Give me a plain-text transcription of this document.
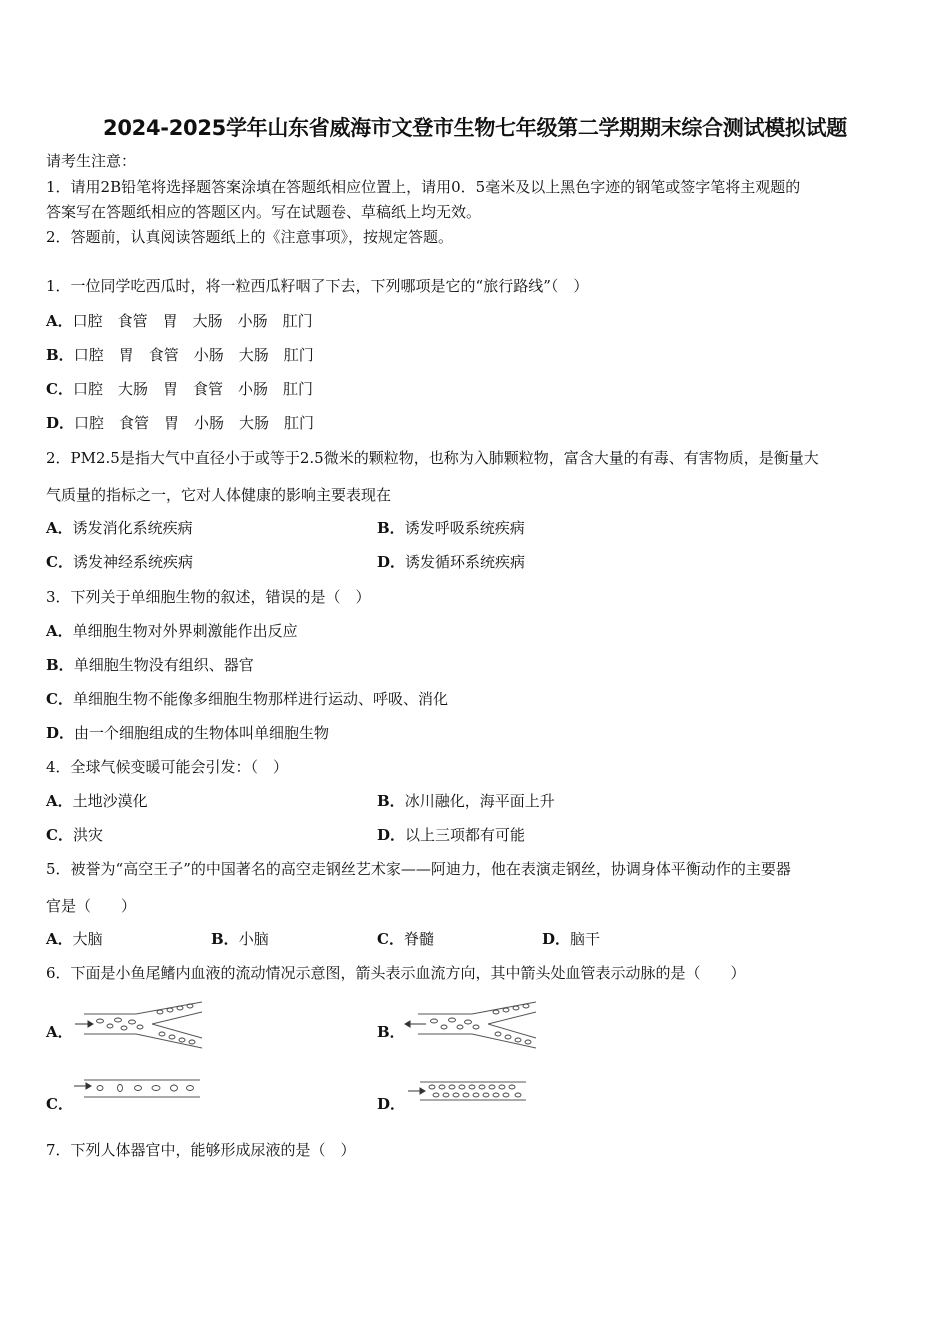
2024-2025学年山东省威海市文登市生物七年级第二学期期末综合测试模拟试题
请考生注意：
1．请用2B铅笔将选择题答案涂填在答题纸相应位置上，请用0．5毫米及以上黑色字迹的钢笔或签字笔将主观题的
答案写在答题纸相应的答题区内。写在试题卷、草稿纸上均无效。
2．答题前，认真阅读答题纸上的《注意事项》，按规定答题。
1．一位同学吃西瓜时，将一粒西瓜籽咽了下去，下列哪项是它的“旅行路线”（　）
A．口腔　食管　胃　大肠　小肠　肛门
B．口腔　胃　食管　小肠　大肠　肛门
C．口腔　大肠　胃　食管　小肠　肛门
D．口腔　食管　胃　小肠　大肠　肛门
2．PM2.5是指大气中直径小于或等于2.5微米的颗粒物，也称为入肺颗粒物，富含大量的有毒、有害物质，是衡量大
气质量的指标之一，它对人体健康的影响主要表现在
A．诱发消化系统疾病	B．诱发呼吸系统疾病
C．诱发神经系统疾病	D．诱发循环系统疾病
3．下列关于单细胞生物的叙述，错误的是（　）
A．单细胞生物对外界刺激能作出反应
B．单细胞生物没有组织、器官
C．单细胞生物不能像多细胞生物那样进行运动、呼吸、消化
D．由一个细胞组成的生物体叫单细胞生物
4．全球气候变暖可能会引发：（　）
A．土地沙漠化	B．冰川融化，海平面上升
C．洪灾	D．以上三项都有可能
5．被誉为“高空王子”的中国著名的高空走钢丝艺术家——阿迪力，他在表演走钢丝，协调身体平衡动作的主要器
官是（　　）
A．大脑	B．小脑	C．脊髓	D．脑干
6．下面是小鱼尾鳍内血液的流动情况示意图，箭头表示血流方向，其中箭头处血管表示动脉的是（　　）
A．	B．
C．	D．
7．下列人体器官中，能够形成尿液的是（　）
